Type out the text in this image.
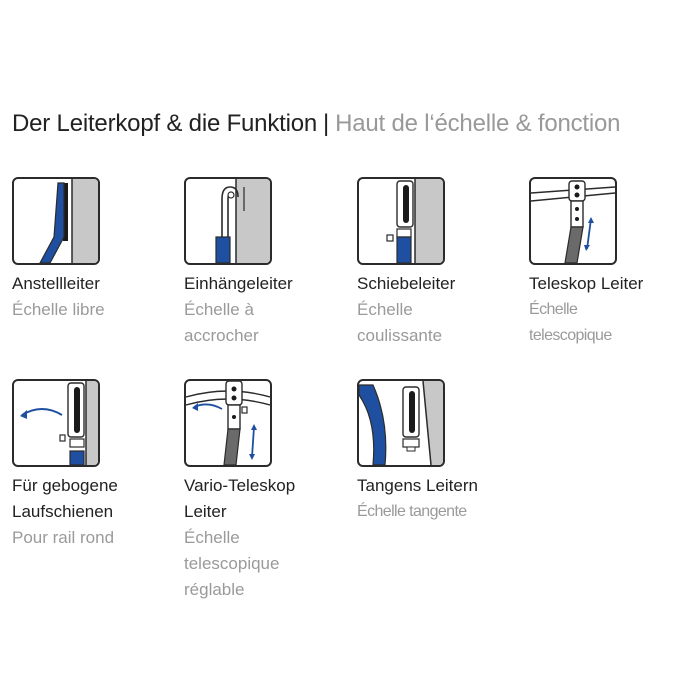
Der Leiterkopf & die Funktion | Haut de l‘échelle & fonction
Anstellleiter
Échelle libre
Einhängeleiter
Échelle à
accrocher
Schiebeleiter
Échelle
coulissante
Teleskop Leiter
Échelle
telescopique
Für gebogene
Laufschienen
Pour rail rond
Vario-Teleskop
Leiter
Échelle
telescopique
réglable
Tangens Leitern
Échelle tangente
